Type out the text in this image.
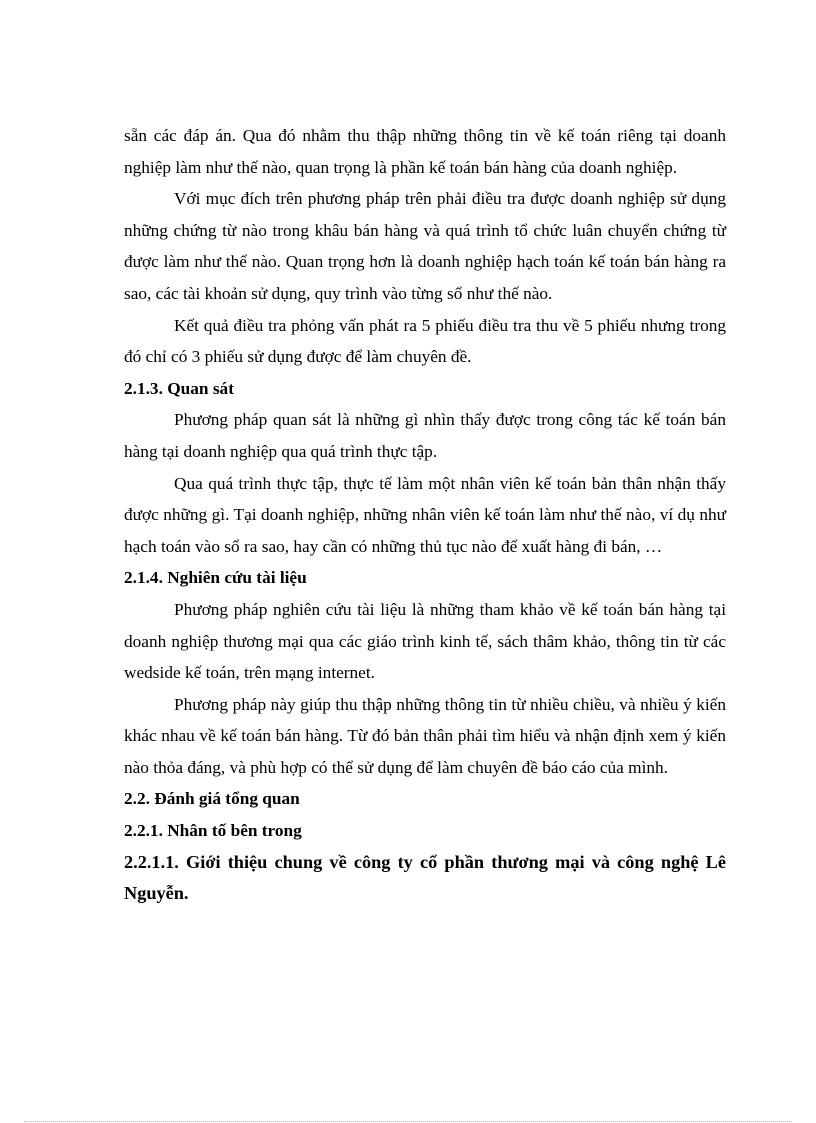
sẵn các đáp án. Qua đó nhằm thu thập những thông tin về kế toán riêng tại doanh nghiệp làm như thế nào, quan trọng là phần kế toán bán hàng của doanh nghiệp.

Với mục đích trên phương pháp trên phải điều tra được doanh nghiệp sử dụng những chứng từ nào trong khâu bán hàng và quá trình tổ chức luân chuyển chứng từ được làm như thế nào. Quan trọng hơn là doanh nghiệp hạch toán kế toán bán hàng ra sao, các tài khoản sử dụng, quy trình vào từng sổ như thế nào.

Kết quả điều tra phỏng vấn phát ra 5 phiếu điều tra thu về 5 phiếu nhưng trong đó chỉ có 3 phiếu sử dụng được để làm chuyên đề.

2.1.3. Quan sát

Phương pháp quan sát là những gì nhìn thấy được trong công tác kế toán bán hàng tại doanh nghiệp qua quá trình thực tập.

Qua quá trình thực tập, thực tế làm một nhân viên kế toán bản thân nhận thấy được những gì. Tại doanh nghiệp, những nhân viên kế toán làm như thế nào, ví dụ như hạch toán vào sổ ra sao, hay cần có những thủ tục nào để xuất hàng đi bán, …

2.1.4. Nghiên cứu tài liệu

Phương pháp nghiên cứu tài liệu là những tham khảo về kế toán bán hàng tại doanh nghiệp thương mại qua các giáo trình kinh tế, sách thâm khảo, thông tin từ các wedside kế toán, trên mạng internet.

Phương pháp này giúp thu thập những thông tin từ nhiều chiều, và nhiều ý kiến khác nhau về kế toán bán hàng. Từ đó bản thân phải tìm hiểu và nhận định xem ý kiến nào thỏa đáng, và phù hợp có thể sử dụng để làm chuyên đề báo cáo của mình.

2.2. Đánh giá tổng quan

2.2.1. Nhân tố bên trong

2.2.1.1. Giới thiệu chung về công ty cổ phần thương mại và công nghệ Lê Nguyễn.
